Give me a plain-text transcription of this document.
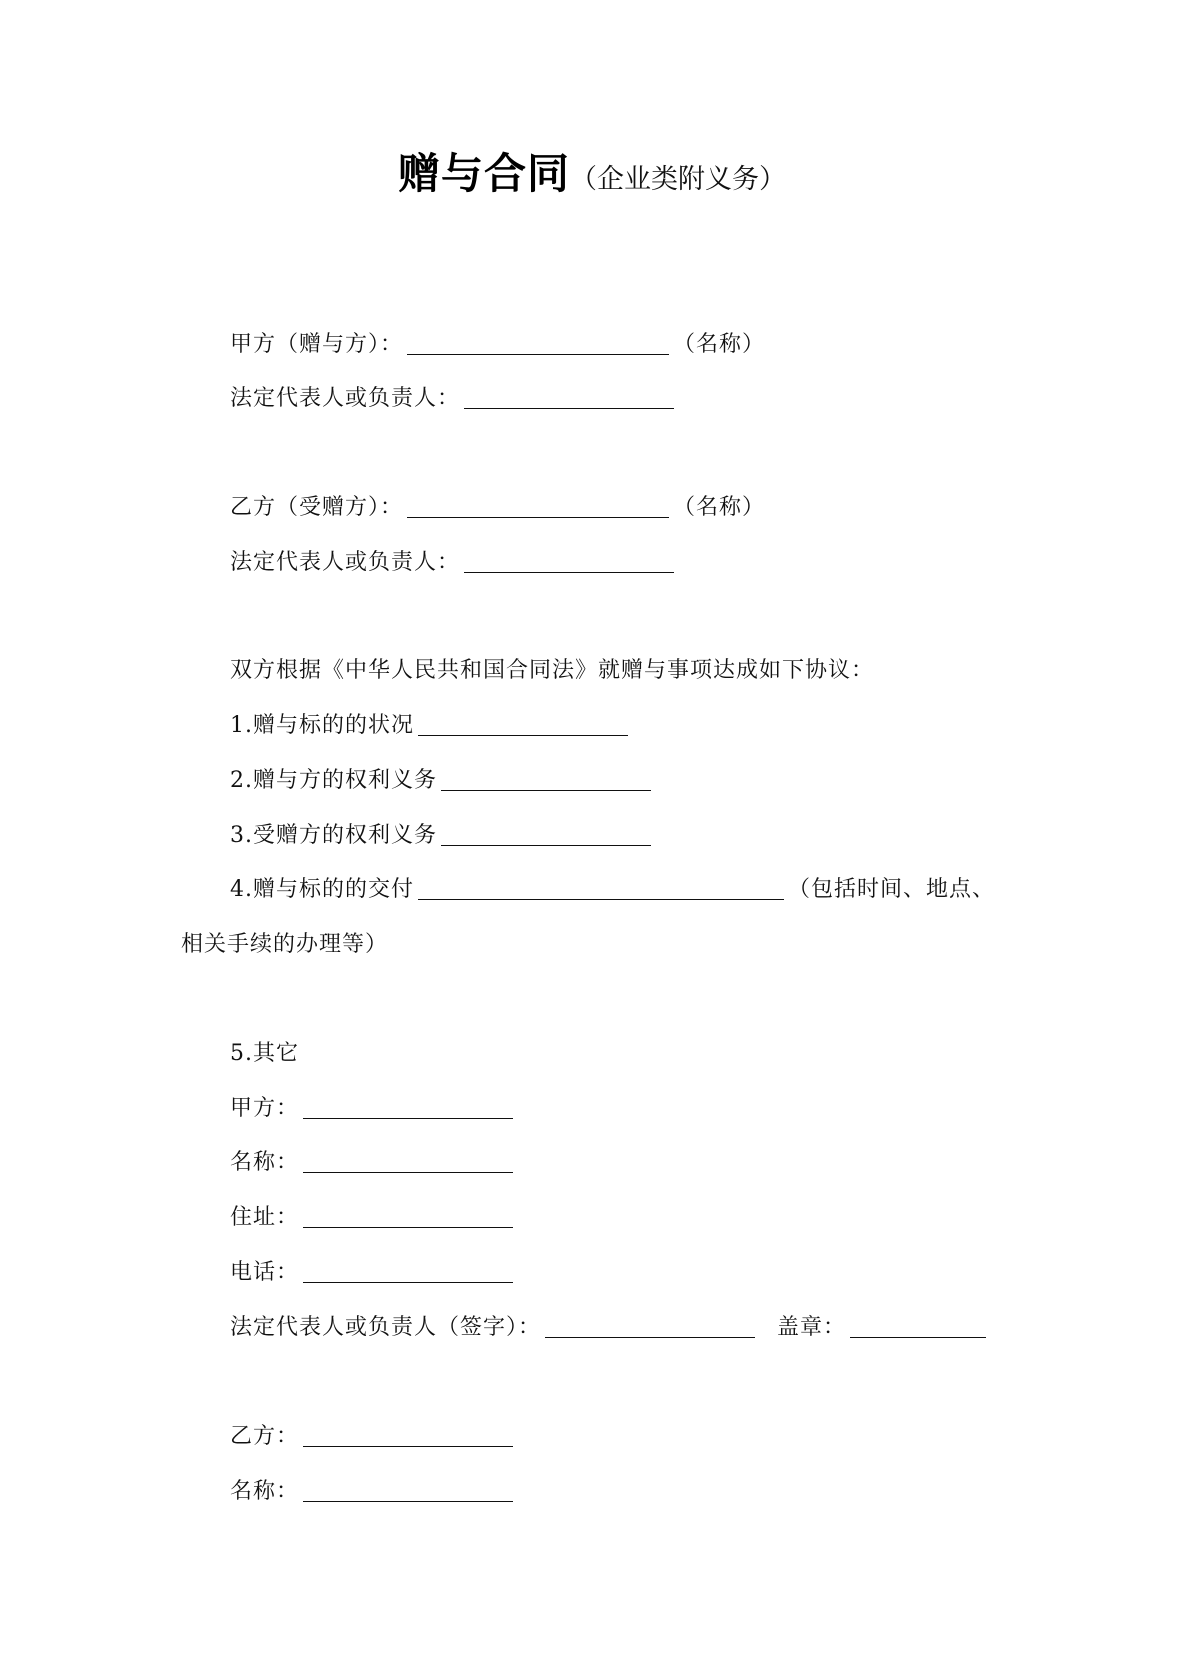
赠与合同（企业类附义务）
甲方（赠与方）：	（名称）
法定代表人或负责人：
乙方（受赠方）：	（名称）
法定代表人或负责人：
双方根据《中华人民共和国合同法》就赠与事项达成如下协议：
1.赠与标的的状况
2.赠与方的权利义务
3.受赠方的权利义务
4.赠与标的的交付	（包括时间、地点、
相关手续的办理等）
5.其它
甲方：
名称：
住址：
电话：
法定代表人或负责人（签字）：	盖章：
乙方：
名称：
